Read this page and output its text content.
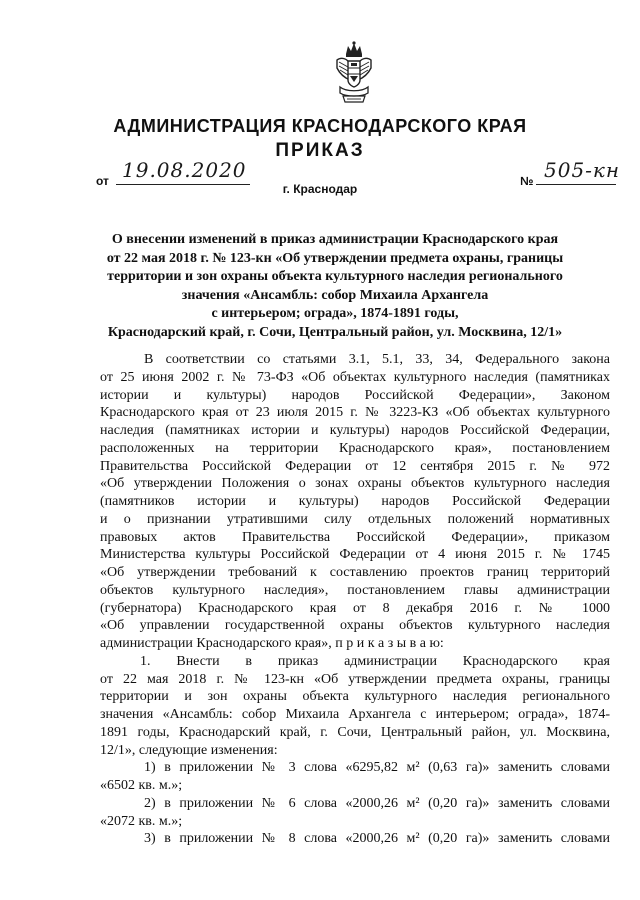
АДМИНИСТРАЦИЯ КРАСНОДАРСКОГО КРАЯ
ПРИКАЗ
от 19.08.2020	№ 505-кн
г. Краснодар
О внесении изменений в приказ администрации Краснодарского края
от 22 мая 2018 г. № 123-кн «Об утверждении предмета охраны, границы
территории и зон охраны объекта культурного наследия регионального
значения «Ансамбль: собор Михаила Архангела
с интерьером; ограда», 1874-1891 годы,
Краснодарский край, г. Сочи, Центральный район, ул. Москвина, 12/1»
В соответствии со статьями 3.1, 5.1, 33, 34, Федерального закона
от 25 июня 2002 г. № 73-ФЗ «Об объектах культурного наследия (памятниках
истории и культуры) народов Российской Федерации», Законом
Краснодарского края от 23 июля 2015 г. № 3223-КЗ «Об объектах культурного
наследия (памятниках истории и культуры) народов Российской Федерации,
расположенных на территории Краснодарского края», постановлением
Правительства Российской Федерации от 12 сентября 2015 г. № 972
«Об утверждении Положения о зонах охраны объектов культурного наследия
(памятников истории и культуры) народов Российской Федерации
и о признании утратившими силу отдельных положений нормативных
правовых актов Правительства Российской Федерации», приказом
Министерства культуры Российской Федерации от 4 июня 2015 г. № 1745
«Об утверждении требований к составлению проектов границ территорий
объектов культурного наследия», постановлением главы администрации
(губернатора) Краснодарского края от 8 декабря 2016 г. № 1000
«Об управлении государственной охраны объектов культурного наследия
администрации Краснодарского края», п р и к а з ы в а ю:
1. Внести в приказ администрации Краснодарского края
от 22 мая 2018 г. № 123-кн «Об утверждении предмета охраны, границы
территории и зон охраны объекта культурного наследия регионального
значения «Ансамбль: собор Михаила Архангела с интерьером; ограда», 1874-
1891 годы, Краснодарский край, г. Сочи, Центральный район, ул. Москвина,
12/1», следующие изменения:
1) в приложении № 3 слова «6295,82 м² (0,63 га)» заменить словами
«6502 кв. м.»;
2) в приложении № 6 слова «2000,26 м² (0,20 га)» заменить словами
«2072 кв. м.»;
3) в приложении № 8 слова «2000,26 м² (0,20 га)» заменить словами
